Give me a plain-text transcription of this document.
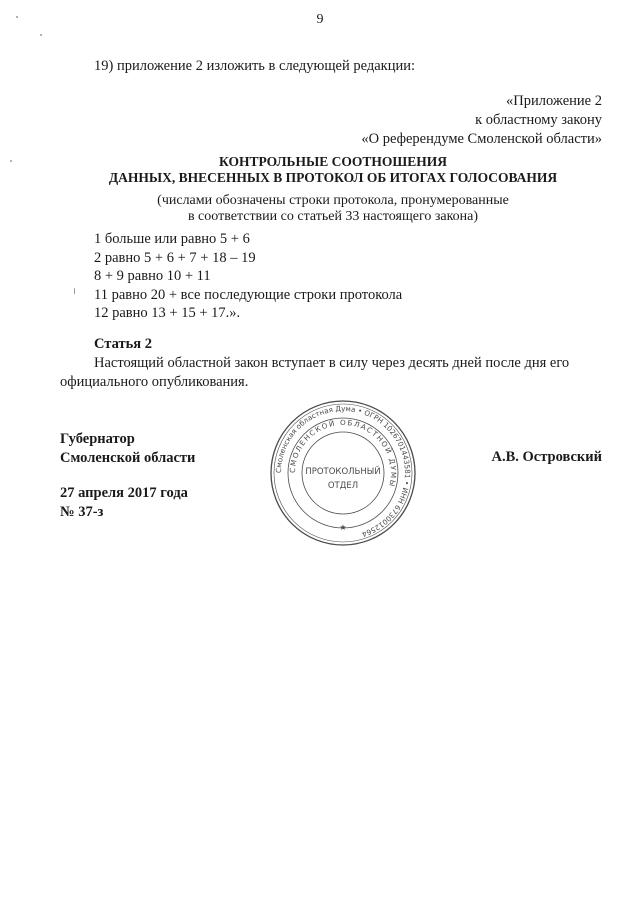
9
19) приложение 2 изложить в следующей редакции:
«Приложение 2
к областному закону
«О референдуме Смоленской области»
КОНТРОЛЬНЫЕ СООТНОШЕНИЯ
ДАННЫХ, ВНЕСЕННЫХ В ПРОТОКОЛ ОБ ИТОГАХ ГОЛОСОВАНИЯ
(числами обозначены строки протокола, пронумерованные
в соответствии со статьей 33 настоящего закона)
1 больше или равно 5 + 6
2 равно 5 + 6 + 7 + 18 – 19
8 + 9 равно 10 + 11
11 равно 20 + все последующие строки протокола
12 равно 13 + 15 + 17.».
Статья 2
Настоящий областной закон вступает в силу через десять дней после дня его официального опубликования.
Губернатор
Смоленской области	А.В. Островский
27 апреля 2017 года
№ 37-з
Смоленская областная Дума • ОГРН 1026701443581 • ИНН 6730012564
СМОЛЕНСКОЙ ОБЛАСТНОЙ ДУМЫ
ПРОТОКОЛЬНЫЙ
ОТДЕЛ
★
